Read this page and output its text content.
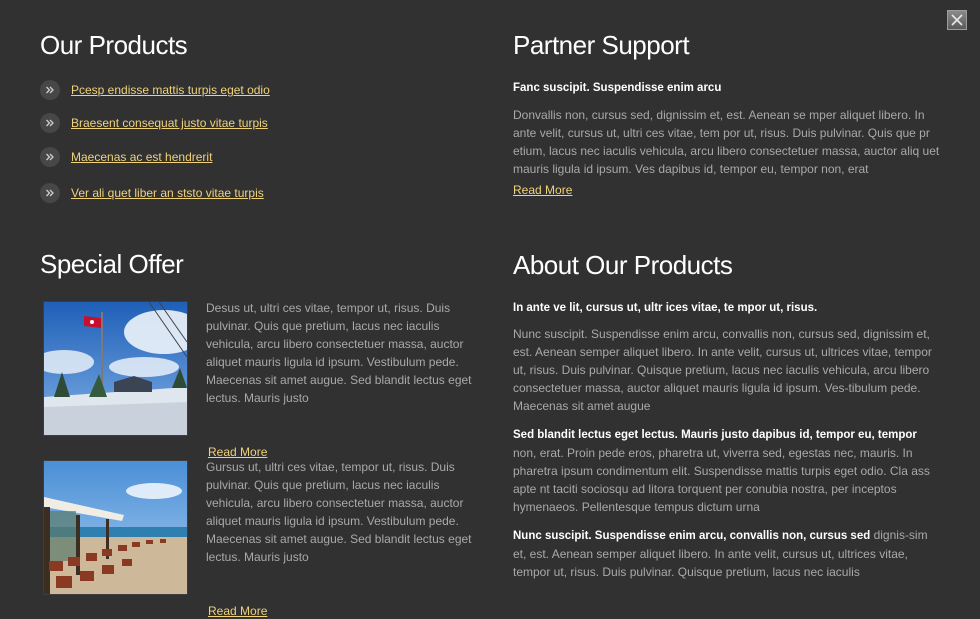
Our Products
Pcesp endisse mattis turpis eget odio
Braesent consequat justo vitae turpis
Maecenas ac est hendrerit
Ver ali quet liber an ststo vitae turpis
Special Offer
Desus ut, ultri ces vitae, tempor ut, risus. Duis pulvinar. Quis que pretium, lacus nec iaculis vehicula, arcu libero consectetuer massa, auctor aliquet mauris ligula id ipsum. Vestibulum pede. Maecenas sit amet augue. Sed blandit lectus eget lectus. Mauris justo
Read More
Gursus ut, ultri ces vitae, tempor ut, risus. Duis pulvinar. Quis que pretium, lacus nec iaculis vehicula, arcu libero consectetuer massa, auctor aliquet mauris ligula id ipsum. Vestibulum pede. Maecenas sit amet augue. Sed blandit lectus eget lectus. Mauris justo
Read More
Partner Support
Fanc suscipit. Suspendisse enim arcu

Donvallis non, cursus sed, dignissim et, est. Aenean se mper aliquet libero. In ante velit, cursus ut, ultri ces vitae, tem por ut, risus. Duis pulvinar. Quis que pr etium, lacus nec iaculis vehicula, arcu libero consectetuer massa, auctor aliq uet mauris ligula id ipsum. Ves dapibus id, tempor eu, tempor non, erat

Read More
About Our Products
In ante ve lit, cursus ut, ultr ices vitae, te mpor ut, risus.

Nunc suscipit. Suspendisse enim arcu, convallis non, cursus sed, dignissim et, est. Aenean semper aliquet libero. In ante velit, cursus ut, ultrices vitae, tempor ut, risus. Duis pulvinar. Quisque pretium, lacus nec iaculis vehicula, arcu libero consectetuer massa, auctor aliquet mauris ligula id ipsum. Ves-tibulum pede. Maecenas sit amet augue

Sed blandit lectus eget lectus. Mauris justo dapibus id, tempor eu, tempor non, erat. Proin pede eros, pharetra ut, viverra sed, egestas nec, mauris. In pharetra ipsum condimentum elit. Suspendisse mattis turpis eget odio. Cla ass apte nt taciti sociosqu ad litora torquent per conubia nostra, per inceptos hymenaeos. Pellentesque tempus dictum urna

Nunc suscipit. Suspendisse enim arcu, convallis non, cursus sed dignis-sim et, est. Aenean semper aliquet libero. In ante velit, cursus ut, ultrices vitae, tempor ut, risus. Duis pulvinar. Quisque pretium, lacus nec iaculis
